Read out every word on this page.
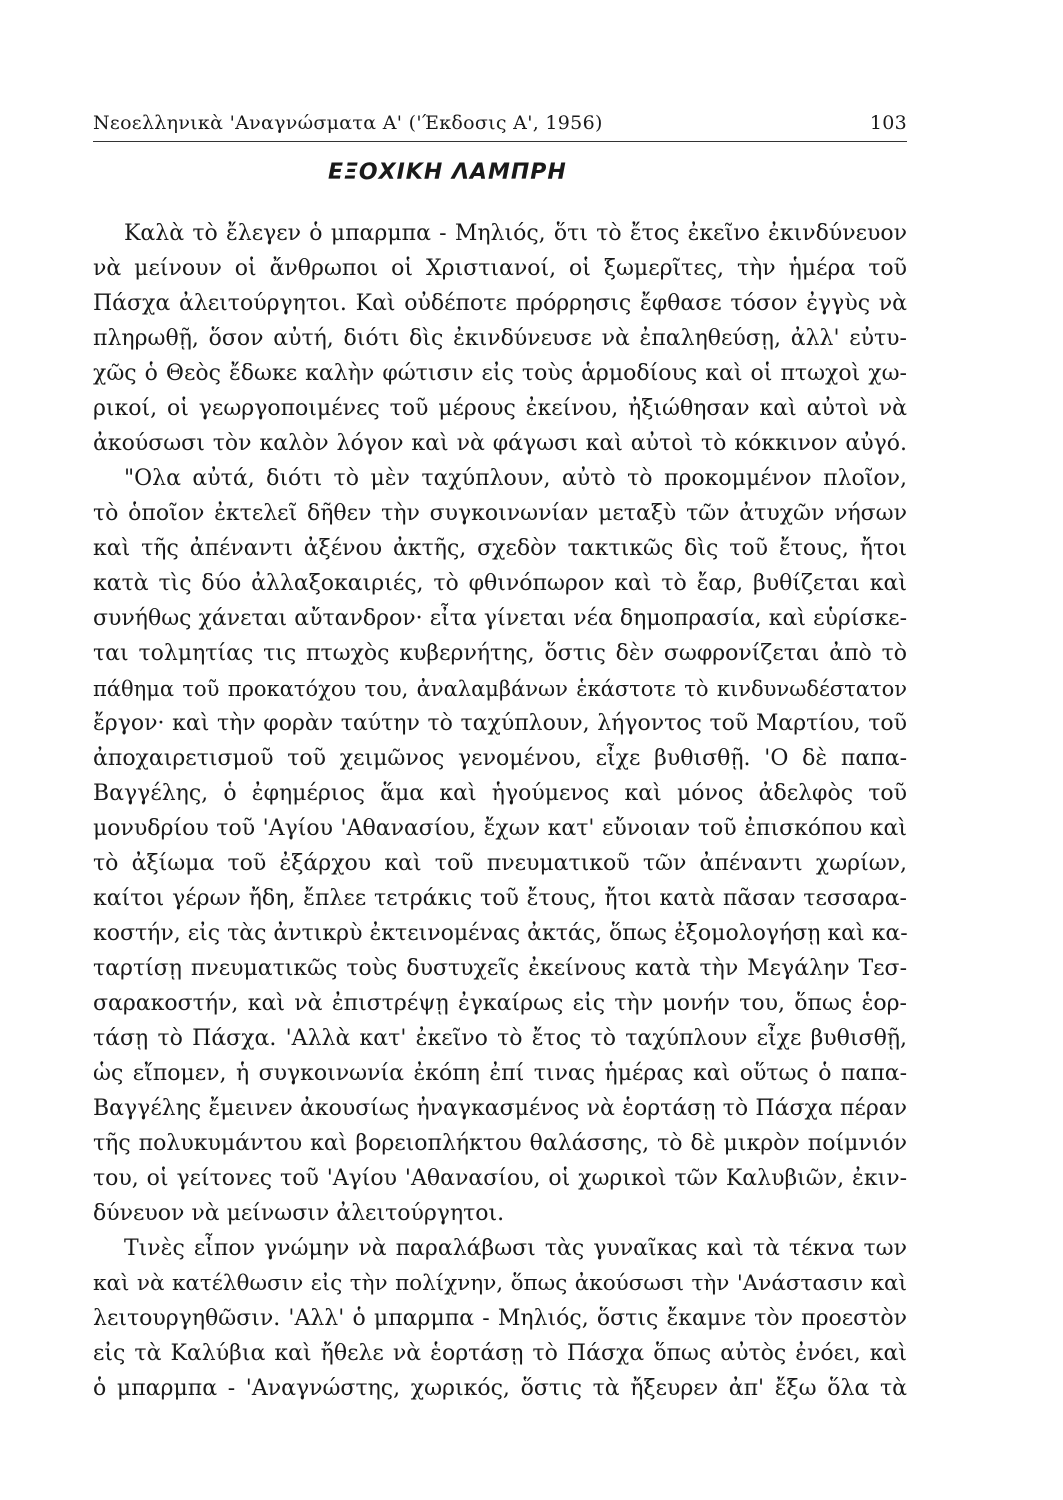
Νεοελληνικὰ 'Αναγνώσματα Α' ('Έκδοσις Α', 1956)	103
ΕΞΟΧΙΚΗ ΛΑΜΠΡΗ
Καλὰ τὸ ἔλεγεν ὁ μπαρμπα - Μηλιός, ὅτι τὸ ἔτος ἐκεῖνο ἐκινδύνευον
νὰ μείνουν οἱ ἄνθρωποι οἱ Χριστιανοί, οἱ ξωμερῖτες, τὴν ἡμέρα τοῦ
Πάσχα ἀλειτούργητοι. Καὶ οὐδέποτε πρόρρησις ἔφθασε τόσον ἐγγὺς νὰ
πληρωθῇ, ὅσον αὐτή, διότι δὶς ἐκινδύνευσε νὰ ἐπαληθεύσῃ, ἀλλ' εὐτυ-
χῶς ὁ Θεὸς ἔδωκε καλὴν φώτισιν εἰς τοὺς ἁρμοδίους καὶ οἱ πτωχοὶ χω-
ρικοί, οἱ γεωργοποιμένες τοῦ μέρους ἐκείνου, ἠξιώθησαν καὶ αὐτοὶ νὰ
ἀκούσωσι τὸν καλὸν λόγον καὶ νὰ φάγωσι καὶ αὐτοὶ τὸ κόκκινον αὐγό.
"Ολα αὐτά, διότι τὸ μὲν ταχύπλουν, αὐτὸ τὸ προκομμένον πλοῖον,
τὸ ὁποῖον ἐκτελεῖ δῆθεν τὴν συγκοινωνίαν μεταξὺ τῶν ἀτυχῶν νήσων
καὶ τῆς ἀπέναντι ἀξένου ἀκτῆς, σχεδὸν τακτικῶς δὶς τοῦ ἔτους, ἤτοι
κατὰ τὶς δύο ἀλλαξοκαιριές, τὸ φθινόπωρον καὶ τὸ ἔαρ, βυθίζεται καὶ
συνήθως χάνεται αὔτανδρον· εἶτα γίνεται νέα δημοπρασία, καὶ εὑρίσκε-
ται τολμητίας τις πτωχὸς κυβερνήτης, ὅστις δὲν σωφρονίζεται ἀπὸ τὸ
πάθημα τοῦ προκατόχου του, ἀναλαμβάνων ἑκάστοτε τὸ κινδυνωδέστατον
ἔργον· καὶ τὴν φορὰν ταύτην τὸ ταχύπλουν, λήγοντος τοῦ Μαρτίου, τοῦ
ἀποχαιρετισμοῦ τοῦ χειμῶνος γενομένου, εἶχε βυθισθῇ. 'Ο δὲ παπα-
Βαγγέλης, ὁ ἐφημέριος ἅμα καὶ ἡγούμενος καὶ μόνος ἀδελφὸς τοῦ
μονυδρίου τοῦ 'Αγίου 'Αθανασίου, ἔχων κατ' εὔνοιαν τοῦ ἐπισκόπου καὶ
τὸ ἀξίωμα τοῦ ἐξάρχου καὶ τοῦ πνευματικοῦ τῶν ἀπέναντι χωρίων,
καίτοι γέρων ἤδη, ἔπλεε τετράκις τοῦ ἔτους, ἤτοι κατὰ πᾶσαν τεσσαρα-
κοστήν, εἰς τὰς ἀντικρὺ ἐκτεινομένας ἀκτάς, ὅπως ἐξομολογήσῃ καὶ κα-
ταρτίσῃ πνευματικῶς τοὺς δυστυχεῖς ἐκείνους κατὰ τὴν Μεγάλην Τεσ-
σαρακοστήν, καὶ νὰ ἐπιστρέψῃ ἐγκαίρως εἰς τὴν μονήν του, ὅπως ἑορ-
τάσῃ τὸ Πάσχα. 'Αλλὰ κατ' ἐκεῖνο τὸ ἔτος τὸ ταχύπλουν εἶχε βυθισθῇ,
ὡς εἴπομεν, ἡ συγκοινωνία ἐκόπη ἐπί τινας ἡμέρας καὶ οὕτως ὁ παπα-
Βαγγέλης ἔμεινεν ἀκουσίως ἠναγκασμένος νὰ ἑορτάσῃ τὸ Πάσχα πέραν
τῆς πολυκυμάντου καὶ βορειοπλήκτου θαλάσσης, τὸ δὲ μικρὸν ποίμνιόν
του, οἱ γείτονες τοῦ 'Αγίου 'Αθανασίου, οἱ χωρικοὶ τῶν Καλυβιῶν, ἐκιν-
δύνευον νὰ μείνωσιν ἀλειτούργητοι.
Τινὲς εἶπον γνώμην νὰ παραλάβωσι τὰς γυναῖκας καὶ τὰ τέκνα των
καὶ νὰ κατέλθωσιν εἰς τὴν πολίχνην, ὅπως ἀκούσωσι τὴν 'Ανάστασιν καὶ
λειτουργηθῶσιν. 'Αλλ' ὁ μπαρμπα - Μηλιός, ὅστις ἔκαμνε τὸν προεστὸν
εἰς τὰ Καλύβια καὶ ἤθελε νὰ ἑορτάσῃ τὸ Πάσχα ὅπως αὐτὸς ἐνόει, καὶ
ὁ μπαρμπα - 'Αναγνώστης, χωρικός, ὅστις τὰ ἤξευρεν ἀπ' ἔξω ὅλα τὰ
